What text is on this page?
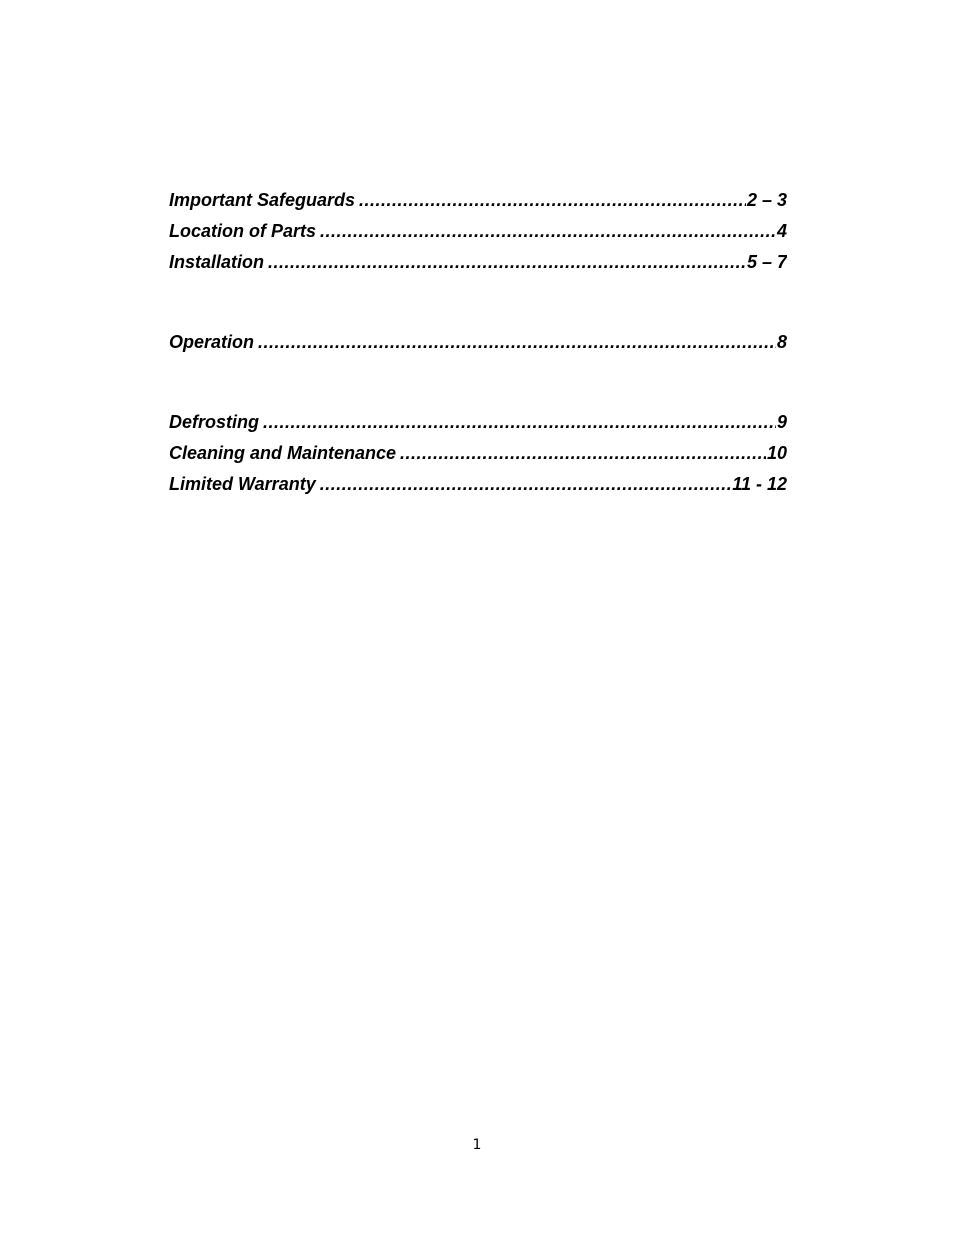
Important Safeguards .....	2 – 3
Location of Parts .....	4
Installation .....	5 – 7
Operation .....	8
Defrosting .....	9
Cleaning and Maintenance .....	10
Limited Warranty .....	11 - 12
1
